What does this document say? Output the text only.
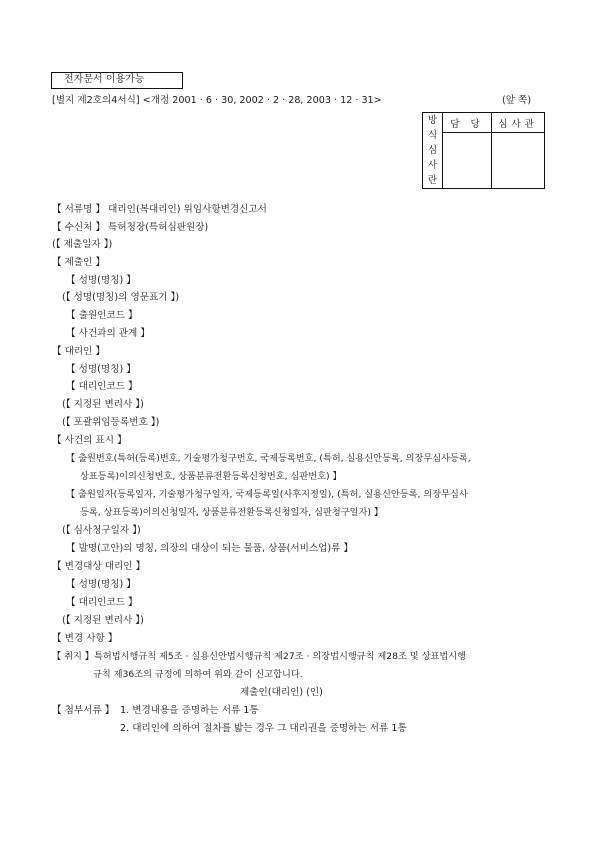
전자문서 이용가능
[별지 제2호의4서식] <개정 2001 · 6 · 30, 2002 · 2 · 28, 2003 · 12 · 31>	(앞 쪽)
방
식
심
사
란	담 당	심사관

【 서류명 】 대리인(복대리인) 위임사항변경신고서
【 수신처 】 특허청장(특허심판원장)
(【 제출일자 】)
【 제출인 】
【 성명(명칭) 】
(【 성명(명칭)의 영문표기 】)
【 출원인코드 】
【 사건과의 관계 】
【 대리인 】
【 성명(명칭) 】
【 대리인코드 】
(【 지정된 변리사 】)
(【 포괄위임등록번호 】)
【 사건의 표시 】
【 출원번호(특허(등록)번호, 기술평가청구번호, 국제등록번호, (특허, 실용신안등록, 의장무심사등록,
상표등록)이의신청번호, 상품분류전환등록신청번호, 심판번호) 】
【 출원일자(등록일자, 기술평가청구일자, 국제등록일(사후지정일), (특허, 실용신안등록, 의장무심사
등록, 상표등록)이의신청일자, 상품분류전환등록신청일자, 심판청구일자) 】
(【 심사청구일자 】)
【 발명(고안)의 명칭, 의장의 대상이 되는 물품, 상품(서비스업)류 】
【 변경대상 대리인 】
【 성명(명칭) 】
【 대리인코드 】
(【 지정된 변리사 】)
【 변경 사항 】
【 취지 】특허법시행규칙 제5조 · 실용신안법시행규칙 제27조 · 의장법시행규칙 제28조 및 상표법시행
규칙 제36조의 규정에 의하여 위와 같이 신고합니다.
제출인(대리인) (인)
【 첨부서류 】 1. 변경내용을 증명하는 서류 1통
2. 대리인에 의하여 절차를 밟는 경우 그 대리권을 증명하는 서류 1통
